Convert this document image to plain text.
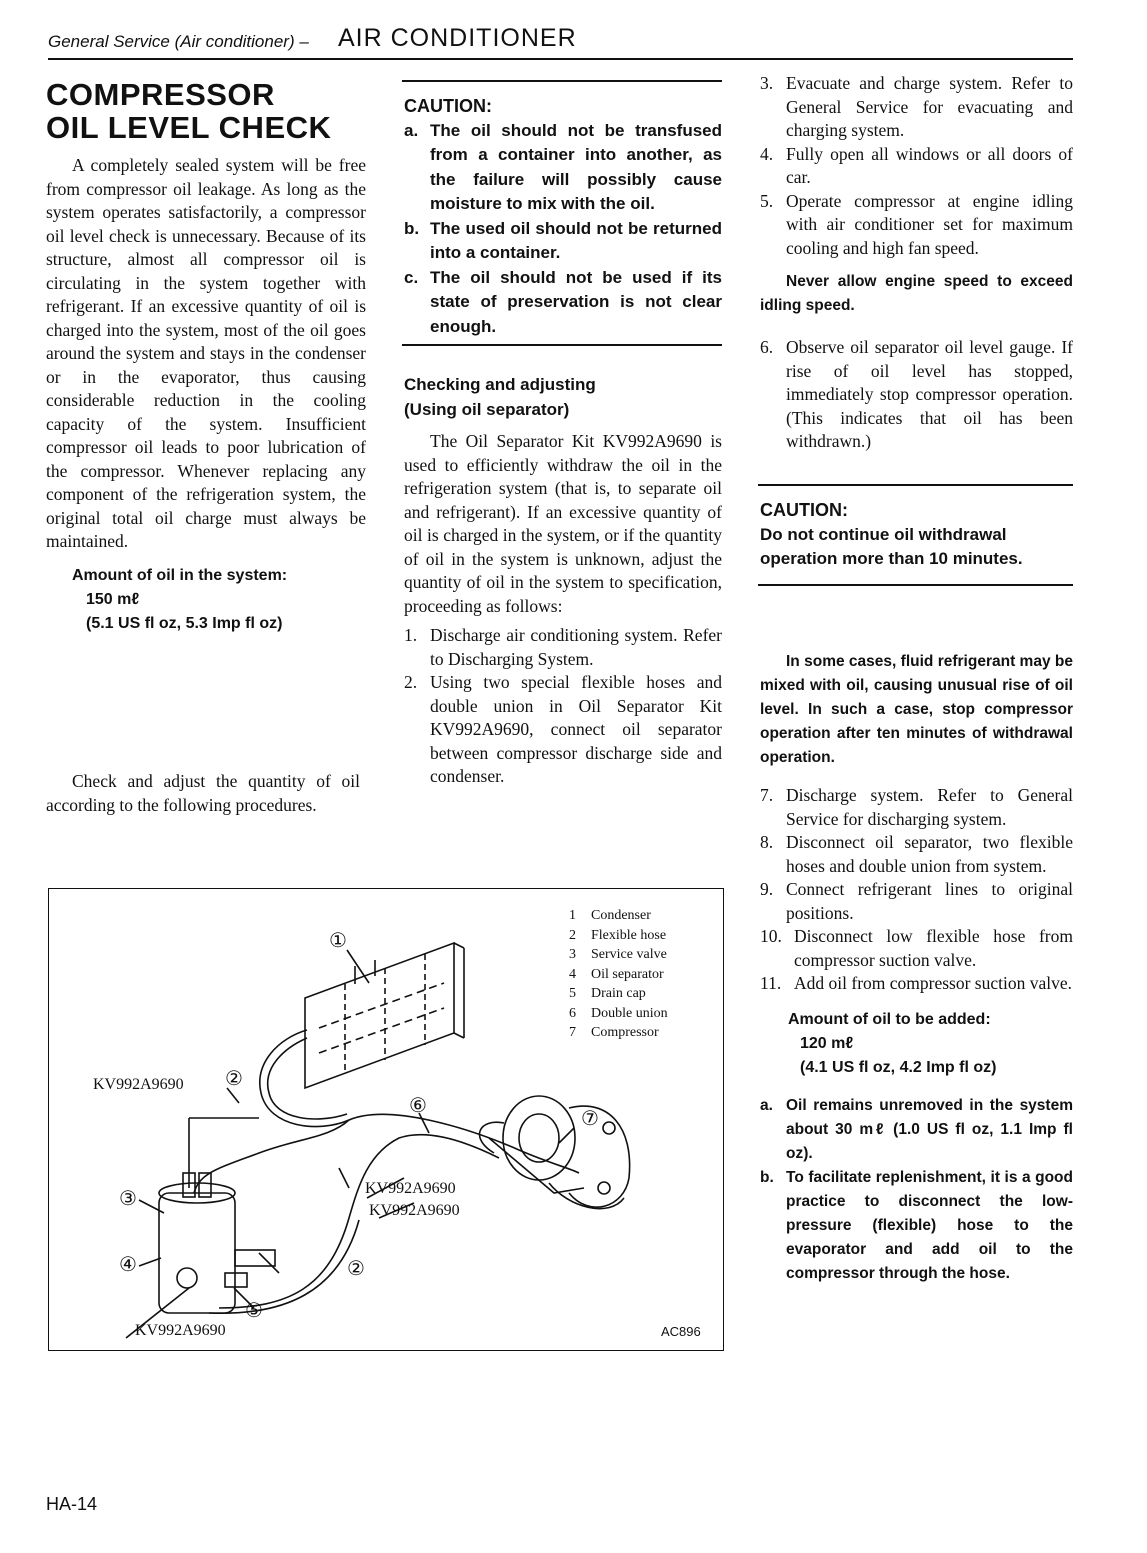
General Service (Air conditioner) – AIR CONDITIONER
COMPRESSOR
OIL LEVEL CHECK

A completely sealed system will be free from compressor oil leakage. As long as the system operates satisfactorily, a compressor oil level check is unnecessary. Because of its structure, almost all compressor oil is circulating in the system together with refrigerant. If an excessive quantity of oil is charged into the system, most of the oil goes around the system and stays in the condenser or in the evaporator, thus causing considerable reduction in the cooling capacity of the system. Insufficient compressor oil leads to poor lubrication of the compressor. Whenever replacing any component of the refrigeration system, the original total oil charge must always be maintained.

Amount of oil in the system:
150 mℓ
(5.1 US fl oz, 5.3 Imp fl oz)

Check and adjust the quantity of oil according to the following procedures.

CAUTION:
a. The oil should not be transfused from a container into another, as the failure will possibly cause moisture to mix with the oil.
b. The used oil should not be returned into a container.
c. The oil should not be used if its state of preservation is not clear enough.
Checking and adjusting
(Using oil separator)

The Oil Separator Kit KV992A9690 is used to efficiently withdraw the oil in the refrigeration system (that is, to separate oil and refrigerant). If an excessive quantity of oil is charged in the system, or if the quantity of oil in the system is unknown, adjust the quantity of oil in the system to specification, proceeding as follows:

1. Discharge air conditioning system. Refer to Discharging System.
2. Using two special flexible hoses and double union in Oil Separator Kit KV992A9690, connect oil separator between compressor discharge side and condenser.
1 Condenser
2 Flexible hose
3 Service valve
4 Oil separator
5 Drain cap
6 Double union
7 Compressor
①
②
③
④
⑤
⑥
⑦
②
KV992A9690
KV992A9690
KV992A9690
KV992A9690	AC896
3. Evacuate and charge system. Refer to General Service for evacuating and charging system.
4. Fully open all windows or all doors of car.
5. Operate compressor at engine idling with air conditioner set for maximum cooling and high fan speed.
Never allow engine speed to exceed idling speed.
6. Observe oil separator oil level gauge. If rise of oil level has stopped, immediately stop compressor operation. (This indicates that oil has been withdrawn.)
CAUTION:
Do not continue oil withdrawal operation more than 10 minutes.
In some cases, fluid refrigerant may be mixed with oil, causing unusual rise of oil level. In such a case, stop compressor operation after ten minutes of withdrawal operation.
7. Discharge system. Refer to General Service for discharging system.
8. Disconnect oil separator, two flexible hoses and double union from system.
9. Connect refrigerant lines to original positions.
10. Disconnect low flexible hose from compressor suction valve.
11. Add oil from compressor suction valve.
Amount of oil to be added:
120 mℓ
(4.1 US fl oz, 4.2 Imp fl oz)
a. Oil remains unremoved in the system about 30 mℓ (1.0 US fl oz, 1.1 Imp fl oz).
b. To facilitate replenishment, it is a good practice to disconnect the low-pressure (flexible) hose to the evaporator and add oil to the compressor through the hose.
HA-14
